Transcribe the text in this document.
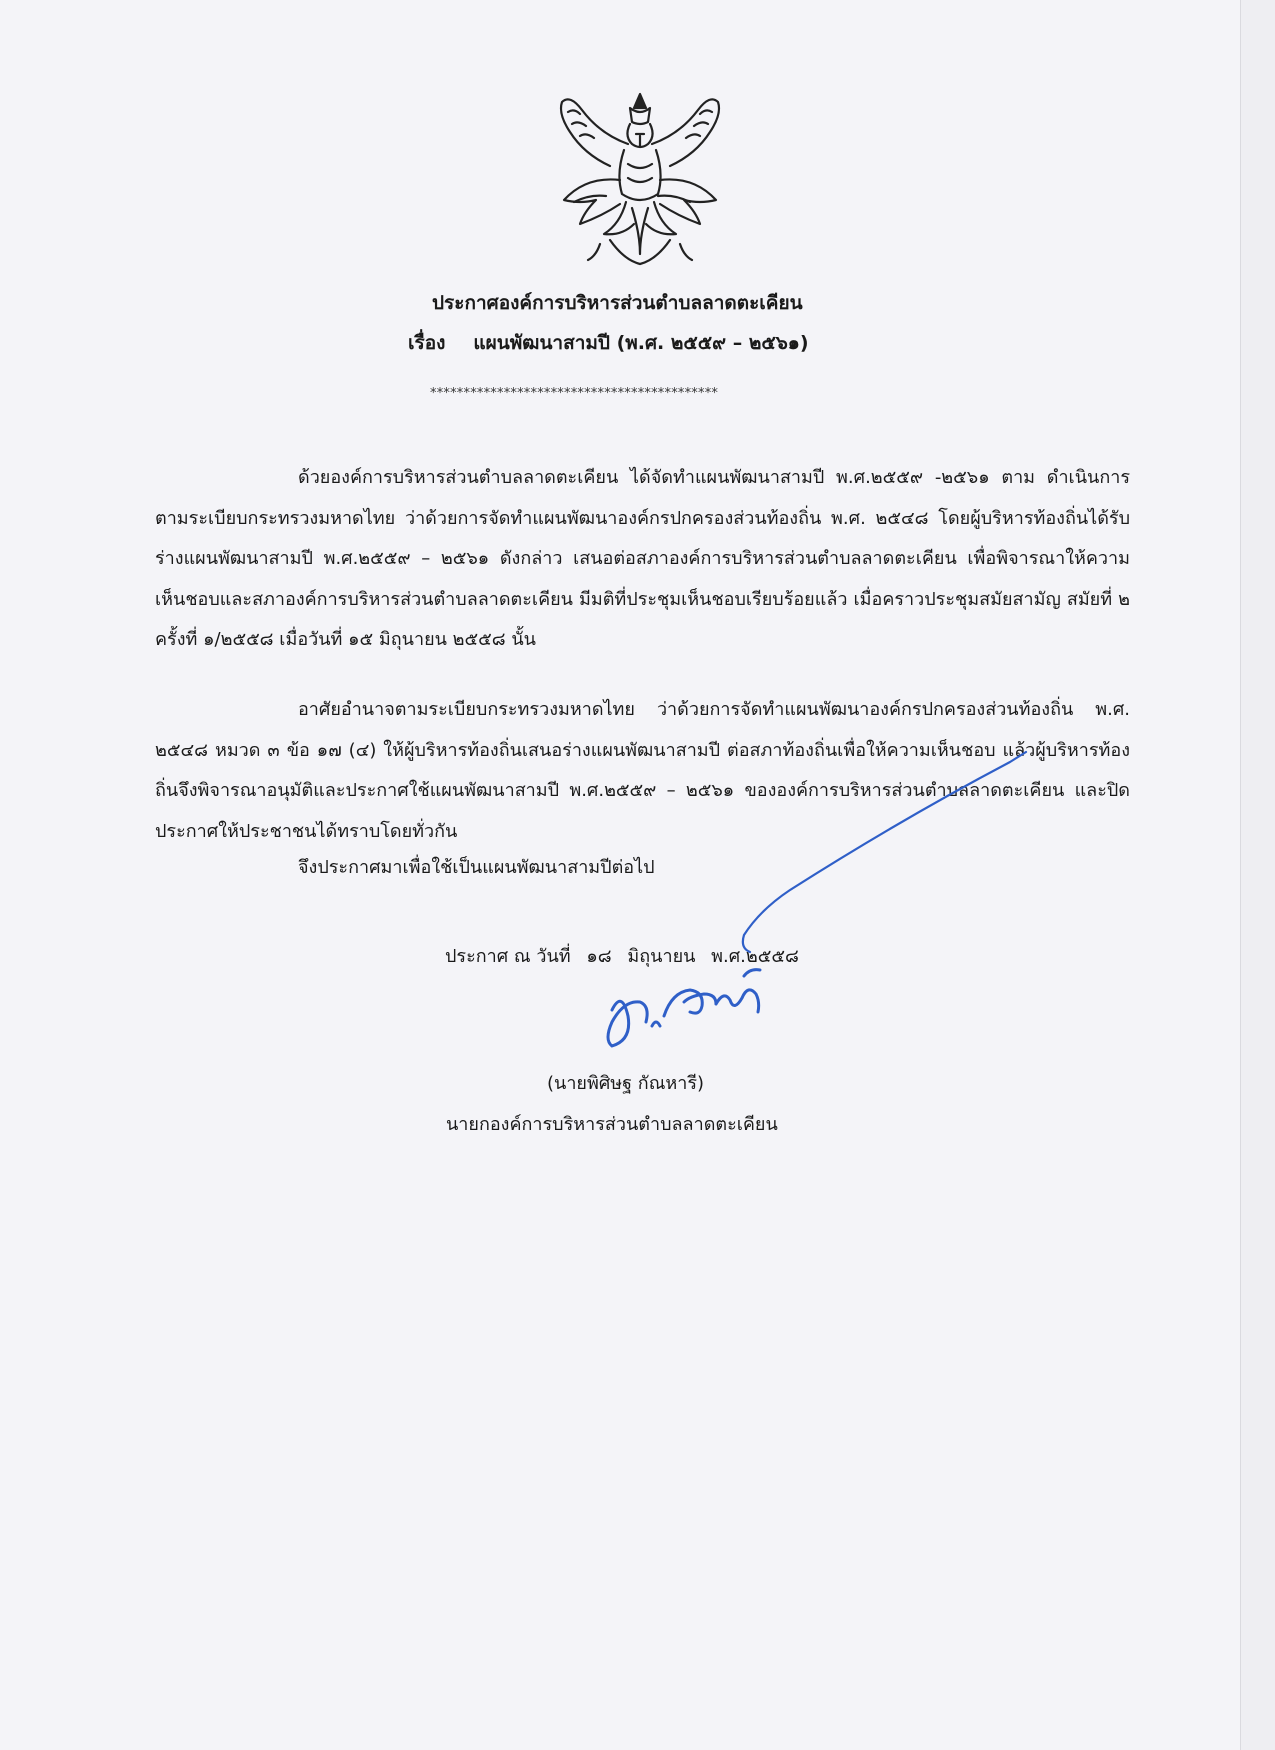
ประกาศองค์การบริหารส่วนตำบลลาดตะเคียน
เรื่อง แผนพัฒนาสามปี (พ.ศ. ๒๕๕๙ – ๒๕๖๑)
*******************************************
ด้วยองค์การบริหารส่วนตำบลลาดตะเคียน ได้จัดทำแผนพัฒนาสามปี พ.ศ.๒๕๕๙ -๒๕๖๑ ตาม ดำเนินการตามระเบียบกระทรวงมหาดไทย ว่าด้วยการจัดทำแผนพัฒนาองค์กรปกครองส่วนท้องถิ่น พ.ศ. ๒๕๔๘ โดยผู้บริหารท้องถิ่นได้รับร่างแผนพัฒนาสามปี พ.ศ.๒๕๕๙ – ๒๕๖๑ ดังกล่าว เสนอต่อสภาองค์การบริหารส่วนตำบลลาดตะเคียน เพื่อพิจารณาให้ความเห็นชอบและสภาองค์การบริหารส่วนตำบลลาดตะเคียน มีมติที่ประชุมเห็นชอบเรียบร้อยแล้ว เมื่อคราวประชุมสมัยสามัญ สมัยที่ ๒ ครั้งที่ ๑/๒๕๕๘ เมื่อวันที่ ๑๕ มิถุนายน ๒๕๕๘ นั้น
อาศัยอำนาจตามระเบียบกระทรวงมหาดไทย ว่าด้วยการจัดทำแผนพัฒนาองค์กรปกครองส่วนท้องถิ่น พ.ศ. ๒๕๔๘ หมวด ๓ ข้อ ๑๗ (๔) ให้ผู้บริหารท้องถิ่นเสนอร่างแผนพัฒนาสามปี ต่อสภาท้องถิ่นเพื่อให้ความเห็นชอบ แล้วผู้บริหารท้องถิ่นจึงพิจารณาอนุมัติและประกาศใช้แผนพัฒนาสามปี พ.ศ.๒๕๕๙ – ๒๕๖๑ ขององค์การบริหารส่วนตำบลลาดตะเคียน และปิดประกาศให้ประชาชนได้ทราบโดยทั่วกัน
จึงประกาศมาเพื่อใช้เป็นแผนพัฒนาสามปีต่อไป
ประกาศ ณ วันที่ ๑๘ มิถุนายน พ.ศ.๒๕๕๘
(นายพิศิษฐ กัณหารี)
นายกองค์การบริหารส่วนตำบลลาดตะเคียน
